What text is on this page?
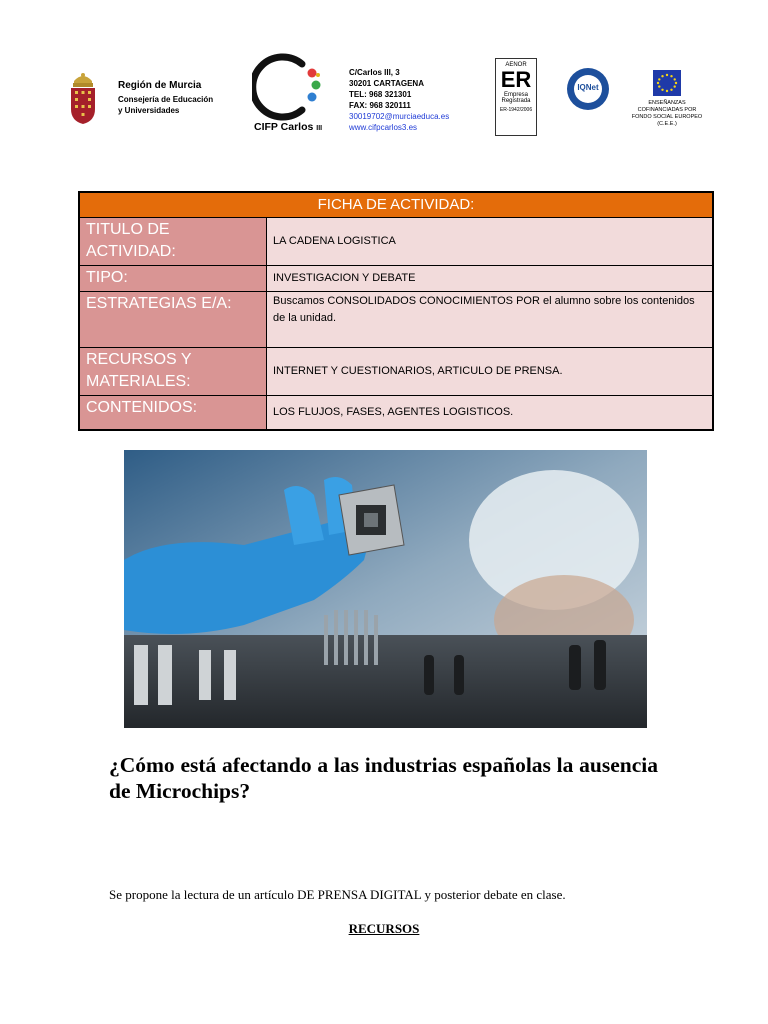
Región de Murcia
Consejería de Educación
y Universidades
CIFP Carlos III
C/Carlos III, 3
30201 CARTAGENA
TEL: 968 321301
FAX: 968 320111
30019702@murciaeduca.es
www.cifpcarlos3.es
AENOR
ER
Empresa
Registrada
ER-1942/2006
IQNet
ENSEÑANZAS
COFINANCIADAS POR
FONDO SOCIAL EUROPEO
(C.E.E.)
FICHA DE ACTIVIDAD:	
TITULO DE ACTIVIDAD:	LA CADENA LOGISTICA
TIPO:	INVESTIGACION Y DEBATE
ESTRATEGIAS E/A:	Buscamos CONSOLIDADOS CONOCIMIENTOS POR el alumno sobre los contenidos de la unidad.
RECURSOS Y MATERIALES:	INTERNET Y CUESTIONARIOS, ARTICULO DE PRENSA.
CONTENIDOS:	LOS FLUJOS, FASES, AGENTES LOGISTICOS.
¿Cómo está afectando a las industrias españolas la ausencia de Microchips?
Se propone la lectura de un artículo DE PRENSA DIGITAL y posterior debate en clase.
RECURSOS
